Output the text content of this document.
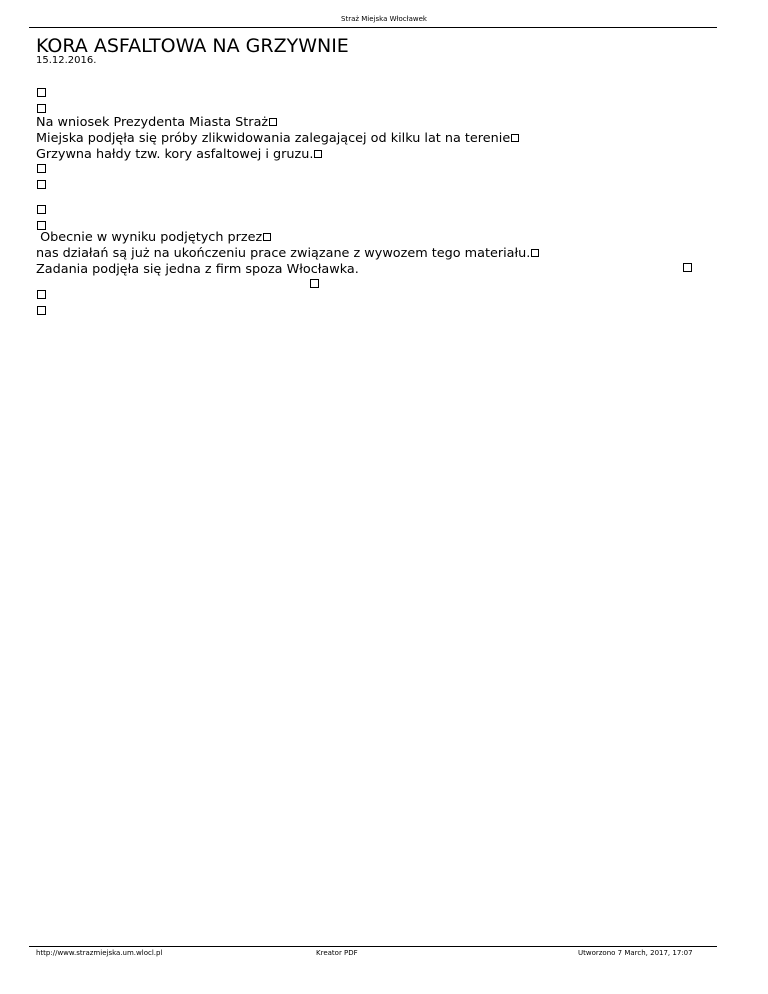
Straż Miejska Włocławek
KORA ASFALTOWA NA GRZYWNIE
15.12.2016.
Na wniosek Prezydenta Miasta Straż
Miejska podjęła się próby zlikwidowania zalegającej od kilku lat na terenie
Grzywna hałdy tzw. kory asfaltowej i gruzu.
Obecnie w wyniku podjętych przez
nas działań są już na ukończeniu prace związane z wywozem tego materiału.
Zadania podjęła się jedna z firm spoza Włocławka.
http://www.strazmiejska.um.wlocl.pl	Kreator PDF	Utworzono 7 March, 2017, 17:07
